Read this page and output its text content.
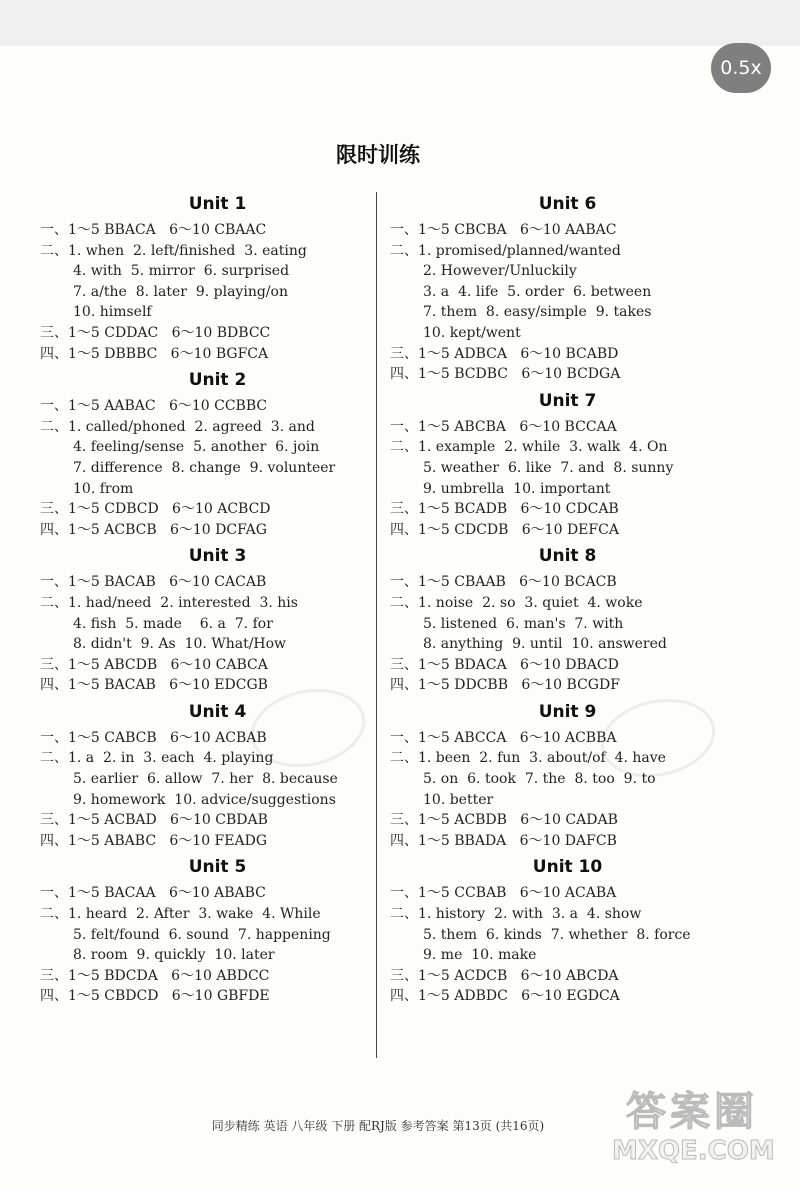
0.5x
限时训练
Unit 1
一、1～5 BBACA   6～10 CBAAC
二、1. when  2. left/finished  3. eating
4. with  5. mirror  6. surprised
7. a/the  8. later  9. playing/on
10. himself
三、1～5 CDDAC   6～10 BDBCC
四、1～5 DBBBC   6～10 BGFCA
Unit 2
一、1～5 AABAC   6～10 CCBBC
二、1. called/phoned  2. agreed  3. and
4. feeling/sense  5. another  6. join
7. difference  8. change  9. volunteer
10. from
三、1～5 CDBCD   6～10 ACBCD
四、1～5 ACBCB   6～10 DCFAG
Unit 3
一、1～5 BACAB   6～10 CACAB
二、1. had/need  2. interested  3. his
4. fish  5. made    6. a  7. for
8. didn't  9. As  10. What/How
三、1～5 ABCDB   6～10 CABCA
四、1～5 BACAB   6～10 EDCGB
Unit 4
一、1～5 CABCB   6～10 ACBAB
二、1. a  2. in  3. each  4. playing
5. earlier  6. allow  7. her  8. because
9. homework  10. advice/suggestions
三、1～5 ACBAD   6～10 CBDAB
四、1～5 ABABC   6～10 FEADG
Unit 5
一、1～5 BACAA   6～10 ABABC
二、1. heard  2. After  3. wake  4. While
5. felt/found  6. sound  7. happening
8. room  9. quickly  10. later
三、1～5 BDCDA   6～10 ABDCC
四、1～5 CBDCD   6～10 GBFDE
Unit 6
一、1～5 CBCBA   6～10 AABAC
二、1. promised/planned/wanted
2. However/Unluckily
3. a  4. life  5. order  6. between
7. them  8. easy/simple  9. takes
10. kept/went
三、1～5 ADBCA   6～10 BCABD
四、1～5 BCDBC   6～10 BCDGA
Unit 7
一、1～5 ABCBA   6～10 BCCAA
二、1. example  2. while  3. walk  4. On
5. weather  6. like  7. and  8. sunny
9. umbrella  10. important
三、1～5 BCADB   6～10 CDCAB
四、1～5 CDCDB   6～10 DEFCA
Unit 8
一、1～5 CBAAB   6～10 BCACB
二、1. noise  2. so  3. quiet  4. woke
5. listened  6. man's  7. with
8. anything  9. until  10. answered
三、1～5 BDACA   6～10 DBACD
四、1～5 DDCBB   6～10 BCGDF
Unit 9
一、1～5 ABCCA   6～10 ACBBA
二、1. been  2. fun  3. about/of  4. have
5. on  6. took  7. the  8. too  9. to
10. better
三、1～5 ACBDB   6～10 CADAB
四、1～5 BBADA   6～10 DAFCB
Unit 10
一、1～5 CCBAB   6～10 ACABA
二、1. history  2. with  3. a  4. show
5. them  6. kinds  7. whether  8. force
9. me  10. make
三、1～5 ACDCB   6～10 ABCDA
四、1～5 ADBDC   6～10 EGDCA
同步精练 英语 八年级 下册 配RJ版 参考答案 第13页 (共16页)	答案圈
MXQE.COM
